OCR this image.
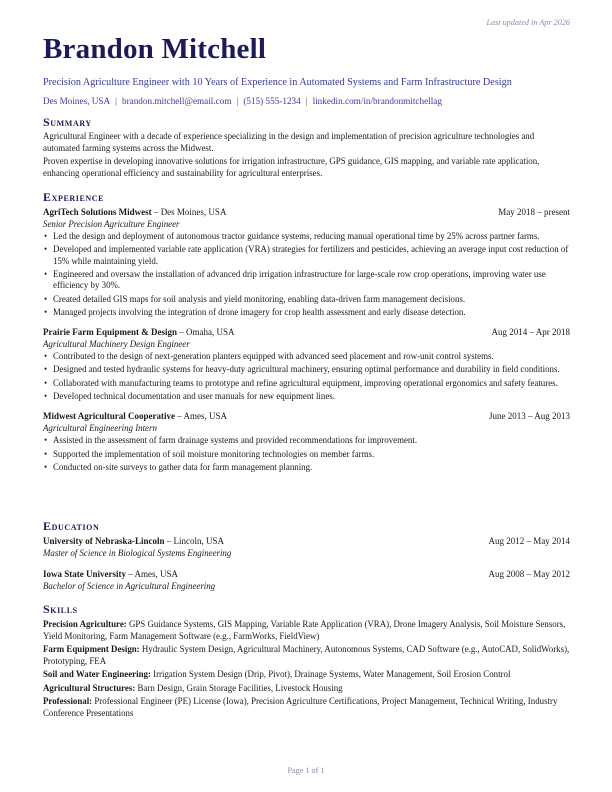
Last updated in Apr 2026
Brandon Mitchell
Precision Agriculture Engineer with 10 Years of Experience in Automated Systems and Farm Infrastructure Design
Des Moines, USA | brandon.mitchell@email.com | (515) 555-1234 | linkedin.com/in/brandonmitchellag
Summary

Agricultural Engineer with a decade of experience specializing in the design and implementation of precision agriculture technologies and automated farming systems across the Midwest.

Proven expertise in developing innovative solutions for irrigation infrastructure, GPS guidance, GIS mapping, and variable rate application, enhancing operational efficiency and sustainability for agricultural enterprises.

Experience
AgriTech Solutions Midwest – Des Moines, USA	May 2018 – present
Senior Precision Agriculture Engineer
• Led the design and deployment of autonomous tractor guidance systems, reducing manual operational time by 25% across partner farms.
• Developed and implemented variable rate application (VRA) strategies for fertilizers and pesticides, achieving an average input cost reduction of 15% while maintaining yield.
• Engineered and oversaw the installation of advanced drip irrigation infrastructure for large-scale row crop operations, improving water use efficiency by 30%.
• Created detailed GIS maps for soil analysis and yield monitoring, enabling data-driven farm management decisions.
• Managed projects involving the integration of drone imagery for crop health assessment and early disease detection.
Prairie Farm Equipment & Design – Omaha, USA	Aug 2014 – Apr 2018
Agricultural Machinery Design Engineer
• Contributed to the design of next-generation planters equipped with advanced seed placement and row-unit control systems.
• Designed and tested hydraulic systems for heavy-duty agricultural machinery, ensuring optimal performance and durability in field conditions.
• Collaborated with manufacturing teams to prototype and refine agricultural equipment, improving operational ergonomics and safety features.
• Developed technical documentation and user manuals for new equipment lines.
Midwest Agricultural Cooperative – Ames, USA	June 2013 – Aug 2013
Agricultural Engineering Intern
• Assisted in the assessment of farm drainage systems and provided recommendations for improvement.
• Supported the implementation of soil moisture monitoring technologies on member farms.
• Conducted on-site surveys to gather data for farm management planning.
Education
University of Nebraska-Lincoln – Lincoln, USA	Aug 2012 – May 2014
Master of Science in Biological Systems Engineering
Iowa State University – Ames, USA	Aug 2008 – May 2012
Bachelor of Science in Agricultural Engineering
Skills

Precision Agriculture: GPS Guidance Systems, GIS Mapping, Variable Rate Application (VRA), Drone Imagery Analysis, Soil Moisture Sensors, Yield Monitoring, Farm Management Software (e.g., FarmWorks, FieldView)

Farm Equipment Design: Hydraulic System Design, Agricultural Machinery, Autonomous Systems, CAD Software (e.g., AutoCAD, SolidWorks), Prototyping, FEA

Soil and Water Engineering: Irrigation System Design (Drip, Pivot), Drainage Systems, Water Management, Soil Erosion Control

Agricultural Structures: Barn Design, Grain Storage Facilities, Livestock Housing

Professional: Professional Engineer (PE) License (Iowa), Precision Agriculture Certifications, Project Management, Technical Writing, Industry Conference Presentations

Page 1 of 1
